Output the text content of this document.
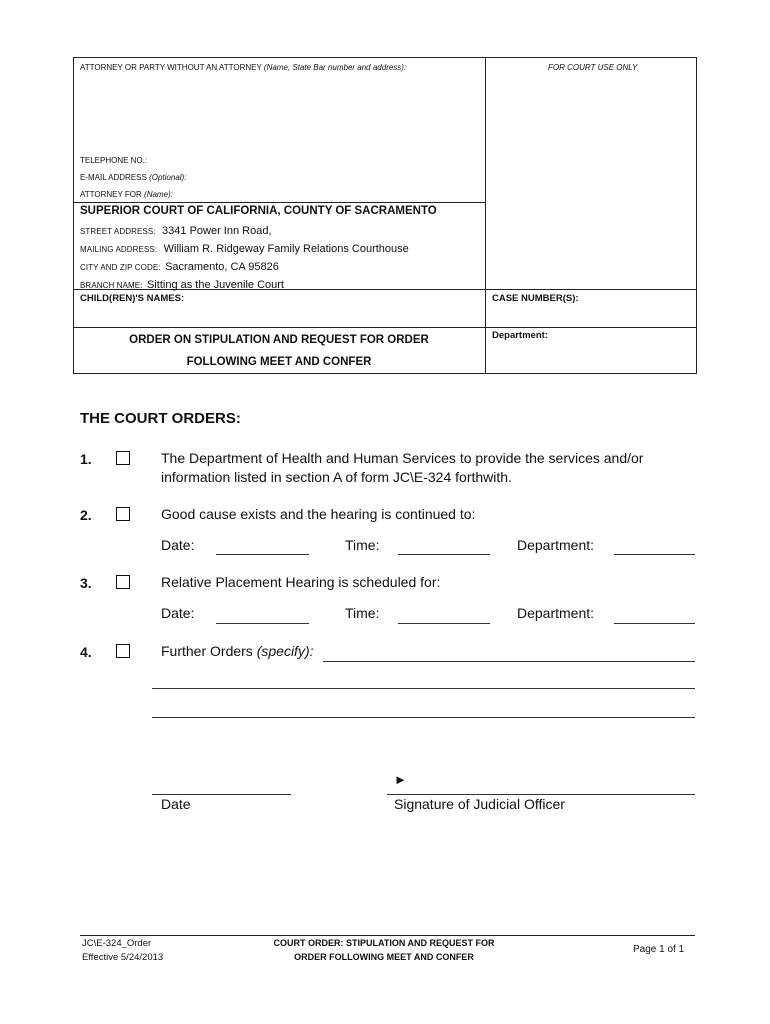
ATTORNEY OR PARTY WITHOUT AN ATTORNEY (Name, State Bar number and address):	FOR COURT USE ONLY
TELEPHONE NO.:
E-MAIL ADDRESS (Optional):
ATTORNEY FOR (Name):
SUPERIOR COURT OF CALIFORNIA, COUNTY OF SACRAMENTO
STREET ADDRESS: 3341 Power Inn Road,
MAILING ADDRESS: William R. Ridgeway Family Relations Courthouse
CITY AND ZIP CODE: Sacramento, CA 95826
BRANCH NAME: Sitting as the Juvenile Court
CHILD(REN)'S NAMES:	CASE NUMBER(S):
ORDER ON STIPULATION AND REQUEST FOR ORDER
FOLLOWING MEET AND CONFER
Department:
THE COURT ORDERS:
1.	The Department of Health and Human Services to provide the services and/or
information listed in section A of form JC\E-324 forthwith.
2.	Good cause exists and the hearing is continued to:
Date:	Time:	Department:
3.	Relative Placement Hearing is scheduled for:
Date:	Time:	Department:
4.	Further Orders (specify):
►
Date	Signature of Judicial Officer
JC\E-324_Order
Effective 5/24/2013
COURT ORDER: STIPULATION AND REQUEST FOR
ORDER FOLLOWING MEET AND CONFER
Page 1 of 1
